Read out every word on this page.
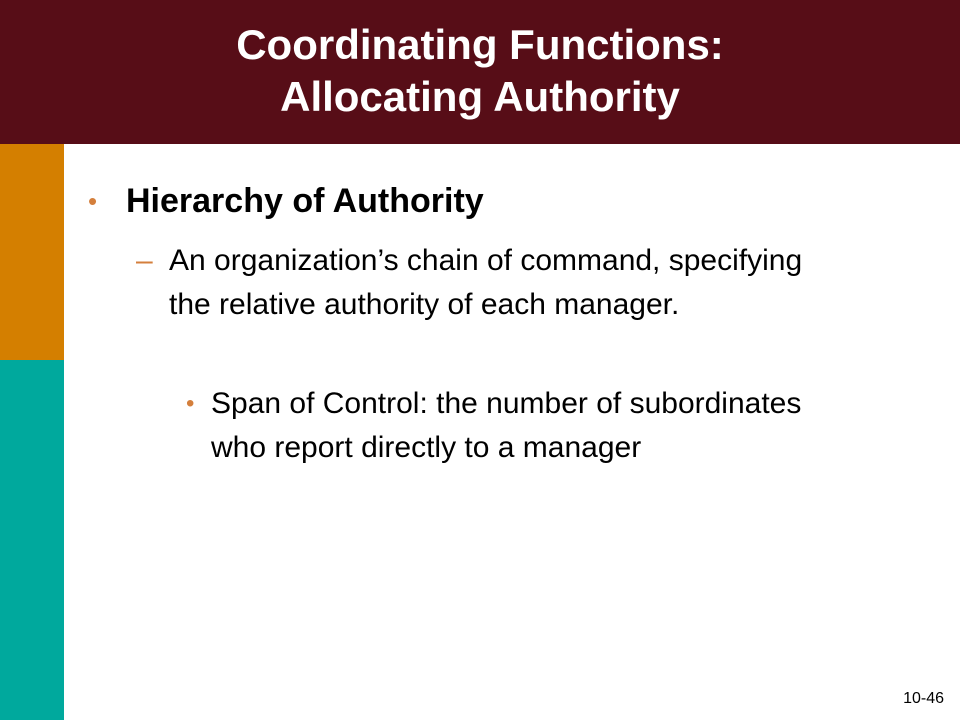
Coordinating Functions:
Allocating Authority
• Hierarchy of Authority
– An organization’s chain of command, specifying the relative authority of each manager.
• Span of Control: the number of subordinates who report directly to a manager
10-46
